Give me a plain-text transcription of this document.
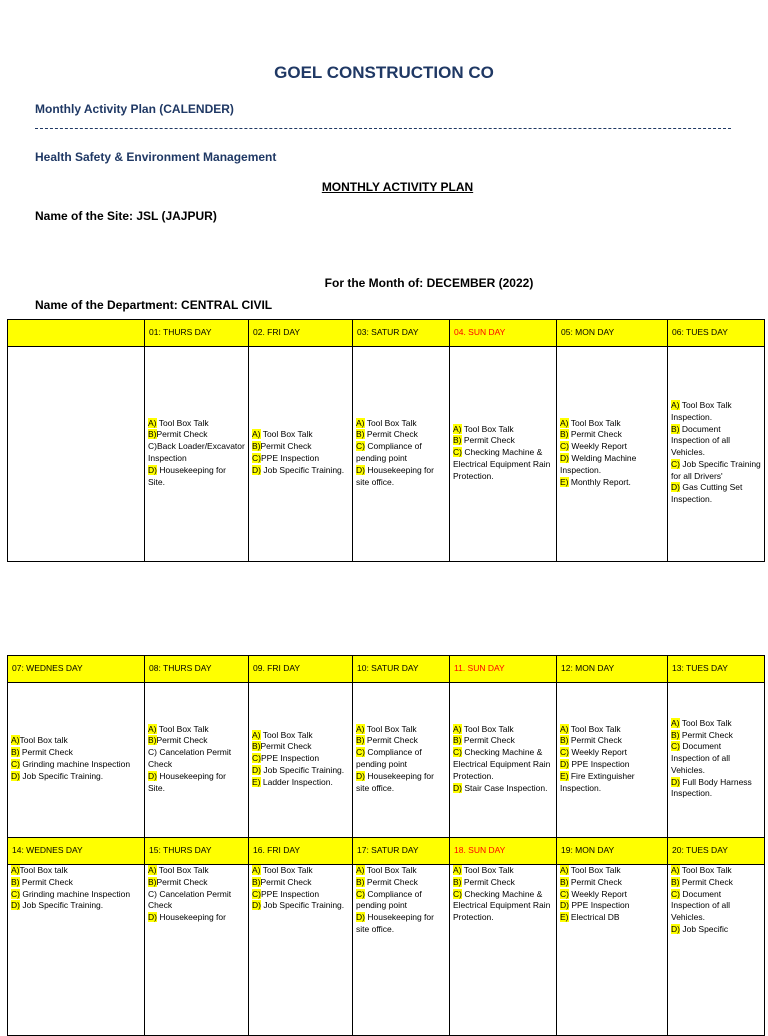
GOEL CONSTRUCTION CO
Monthly Activity Plan (CALENDER)
Health Safety & Environment Management
MONTHLY ACTIVITY PLAN
Name of the Site: JSL (JAJPUR)
For the Month of: DECEMBER (2022)
Name of the Department: CENTRAL CIVIL
	01: THURS DAY	02. FRI DAY	03: SATUR DAY	04. SUN DAY	05: MON DAY	06: TUES DAY

	A) Tool Box Talk
B)Permit Check
C)Back Loader/Excavator Inspection
D) Housekeeping for Site.	A) Tool Box Talk
B)Permit Check
C)PPE Inspection
D) Job Specific Training.	A) Tool Box Talk
B) Permit Check
C) Compliance of pending point
D) Housekeeping for site office.	A) Tool Box Talk
B) Permit Check
C) Checking Machine & Electrical Equipment Rain Protection.	A) Tool Box Talk
B) Permit Check
C) Weekly Report
D) Welding Machine Inspection.
E) Monthly Report.	A) Tool Box Talk Inspection.
B) Document Inspection of all Vehicles.
C) Job Specific Training for all Drivers'
D) Gas Cutting Set Inspection.
07: WEDNES DAY	08: THURS DAY	09. FRI DAY	10: SATUR DAY	11. SUN DAY	12: MON DAY	13: TUES DAY

A)Tool Box talk
B) Permit Check
C) Grinding machine Inspection
D) Job Specific Training.	A) Tool Box Talk
B)Permit Check
C) Cancelation Permit Check
D) Housekeeping for Site.	A) Tool Box Talk
B)Permit Check
C)PPE Inspection
D) Job Specific Training.
E) Ladder Inspection.	A) Tool Box Talk
B) Permit Check
C) Compliance of pending point
D) Housekeeping for site office.	A) Tool Box Talk
B) Permit Check
C) Checking Machine & Electrical Equipment Rain Protection.
D) Stair Case Inspection.	A) Tool Box Talk
B) Permit Check
C) Weekly Report
D) PPE Inspection
E) Fire Extinguisher Inspection.	A) Tool Box Talk
B) Permit Check
C) Document Inspection of all Vehicles.
D) Full Body Harness Inspection.

14: WEDNES DAY	15: THURS DAY	16. FRI DAY	17: SATUR DAY	18. SUN DAY	19: MON DAY	20: TUES DAY

A)Tool Box talk
B) Permit Check
C) Grinding machine Inspection
D) Job Specific Training.	A) Tool Box Talk
B)Permit Check
C) Cancelation Permit Check
D) Housekeeping for	A) Tool Box Talk
B)Permit Check
C)PPE Inspection
D) Job Specific Training.	A) Tool Box Talk
B) Permit Check
C) Compliance of pending point
D) Housekeeping for site office.	A) Tool Box Talk
B) Permit Check
C) Checking Machine & Electrical Equipment Rain Protection.	A) Tool Box Talk
B) Permit Check
C) Weekly Report
D) PPE Inspection
E) Electrical DB	A) Tool Box Talk
B) Permit Check
C) Document Inspection of all Vehicles.
D) Job Specific
